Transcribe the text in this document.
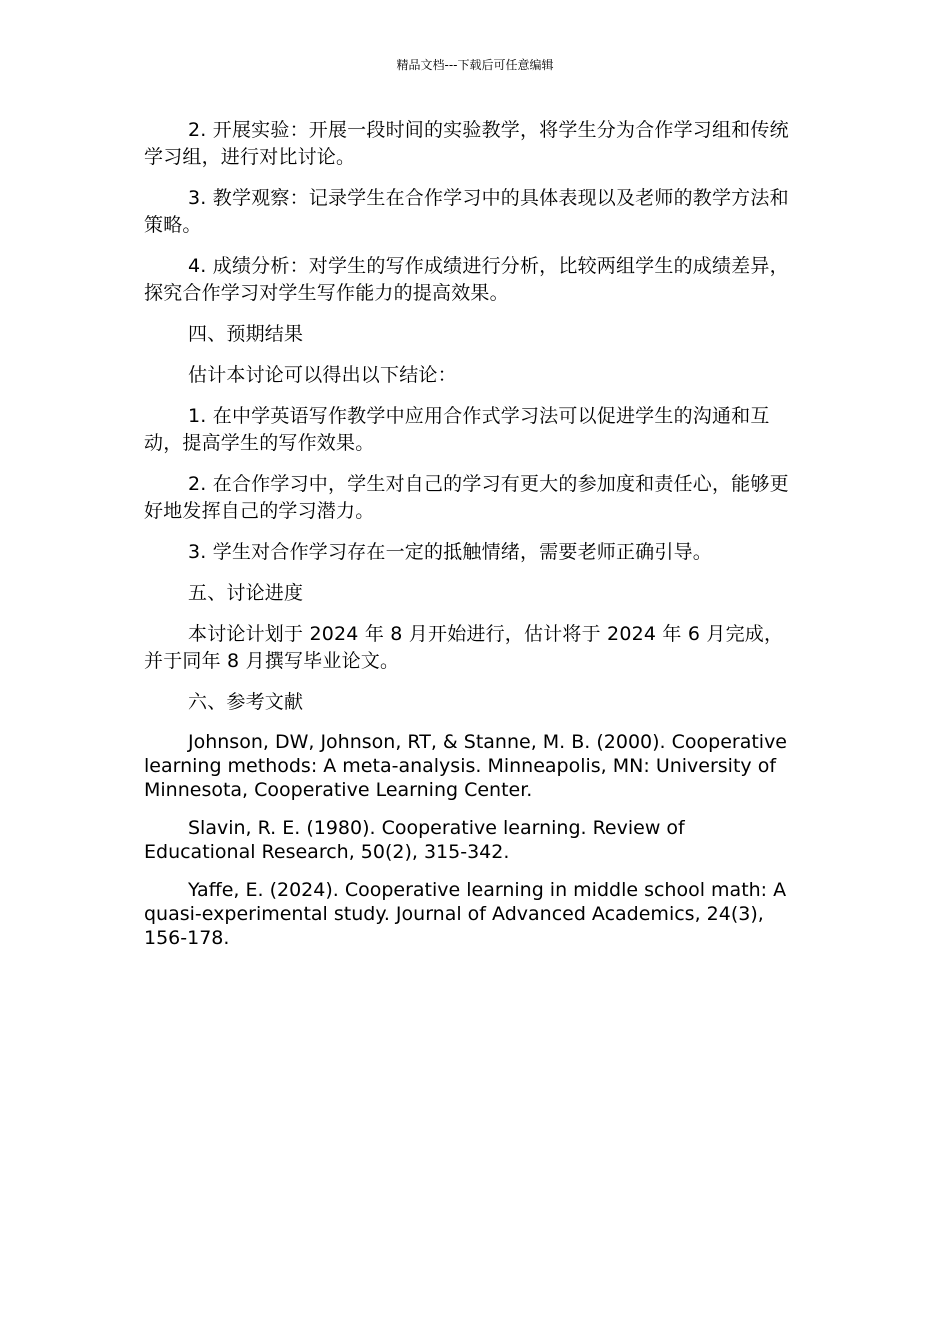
精品文档---下载后可任意编辑

2. 开展实验：开展一段时间的实验教学，将学生分为合作学习组和传统学习组，进行对比讨论。

3. 教学观察：记录学生在合作学习中的具体表现以及老师的教学方法和策略。

4. 成绩分析：对学生的写作成绩进行分析，比较两组学生的成绩差异，探究合作学习对学生写作能力的提高效果。

四、预期结果

估计本讨论可以得出以下结论：

1. 在中学英语写作教学中应用合作式学习法可以促进学生的沟通和互动，提高学生的写作效果。

2. 在合作学习中，学生对自己的学习有更大的参加度和责任心，能够更好地发挥自己的学习潜力。

3. 学生对合作学习存在一定的抵触情绪，需要老师正确引导。

五、讨论进度

本讨论计划于 2024 年 8 月开始进行，估计将于 2024 年 6 月完成，并于同年 8 月撰写毕业论文。

六、参考文献

Johnson, DW, Johnson, RT, & Stanne, M. B. (2000). Cooperative learning methods: A meta-analysis. Minneapolis, MN: University of Minnesota, Cooperative Learning Center.

Slavin, R. E. (1980). Cooperative learning. Review of Educational Research, 50(2), 315-342.

Yaffe, E. (2024). Cooperative learning in middle school math: A quasi-experimental study. Journal of Advanced Academics, 24(3), 156-178.
